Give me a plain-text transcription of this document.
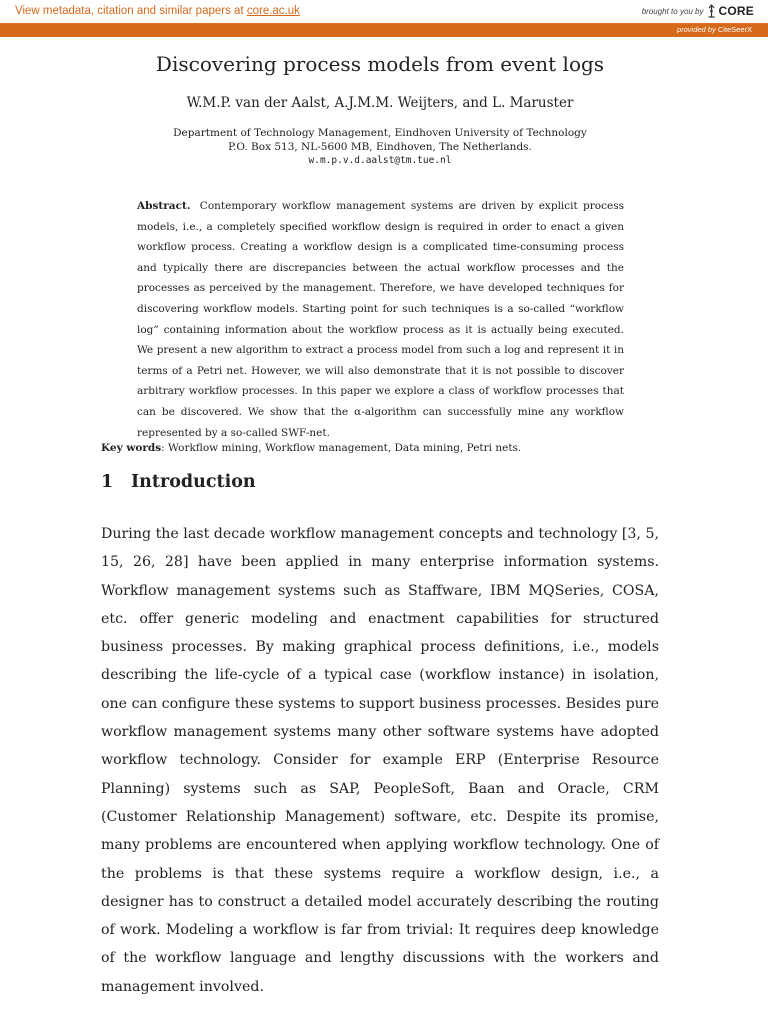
View metadata, citation and similar papers at core.ac.uk	brought to you by CORE
provided by CiteSeerX
Discovering process models from event logs
W.M.P. van der Aalst, A.J.M.M. Weijters, and L. Maruster
Department of Technology Management, Eindhoven University of Technology
P.O. Box 513, NL-5600 MB, Eindhoven, The Netherlands.
w.m.p.v.d.aalst@tm.tue.nl
Abstract. Contemporary workflow management systems are driven by explicit process models, i.e., a completely specified workflow design is required in order to enact a given workflow process. Creating a workflow design is a complicated time-consuming process and typically there are discrepancies between the actual workflow processes and the processes as perceived by the management. Therefore, we have developed techniques for discovering workflow models. Starting point for such techniques is a so-called “workflow log” containing information about the workflow process as it is actually being executed. We present a new algorithm to extract a process model from such a log and represent it in terms of a Petri net. However, we will also demonstrate that it is not possible to discover arbitrary workflow processes. In this paper we explore a class of workflow processes that can be discovered. We show that the α-algorithm can successfully mine any workflow represented by a so-called SWF-net.
Key words: Workflow mining, Workflow management, Data mining, Petri nets.
1 Introduction
During the last decade workflow management concepts and technology [3, 5, 15, 26, 28] have been applied in many enterprise information systems. Workflow management systems such as Staffware, IBM MQSeries, COSA, etc. offer generic modeling and enactment capabilities for structured business processes. By making graphical process definitions, i.e., models describing the life-cycle of a typical case (workflow instance) in isolation, one can configure these systems to support business processes. Besides pure workflow management systems many other software systems have adopted workflow technology. Consider for example ERP (Enterprise Resource Planning) systems such as SAP, PeopleSoft, Baan and Oracle, CRM (Customer Relationship Management) software, etc. Despite its promise, many problems are encountered when applying workflow technology. One of the problems is that these systems require a workflow design, i.e., a designer has to construct a detailed model accurately describing the routing of work. Modeling a workflow is far from trivial: It requires deep knowledge of the workflow language and lengthy discussions with the workers and management involved.
